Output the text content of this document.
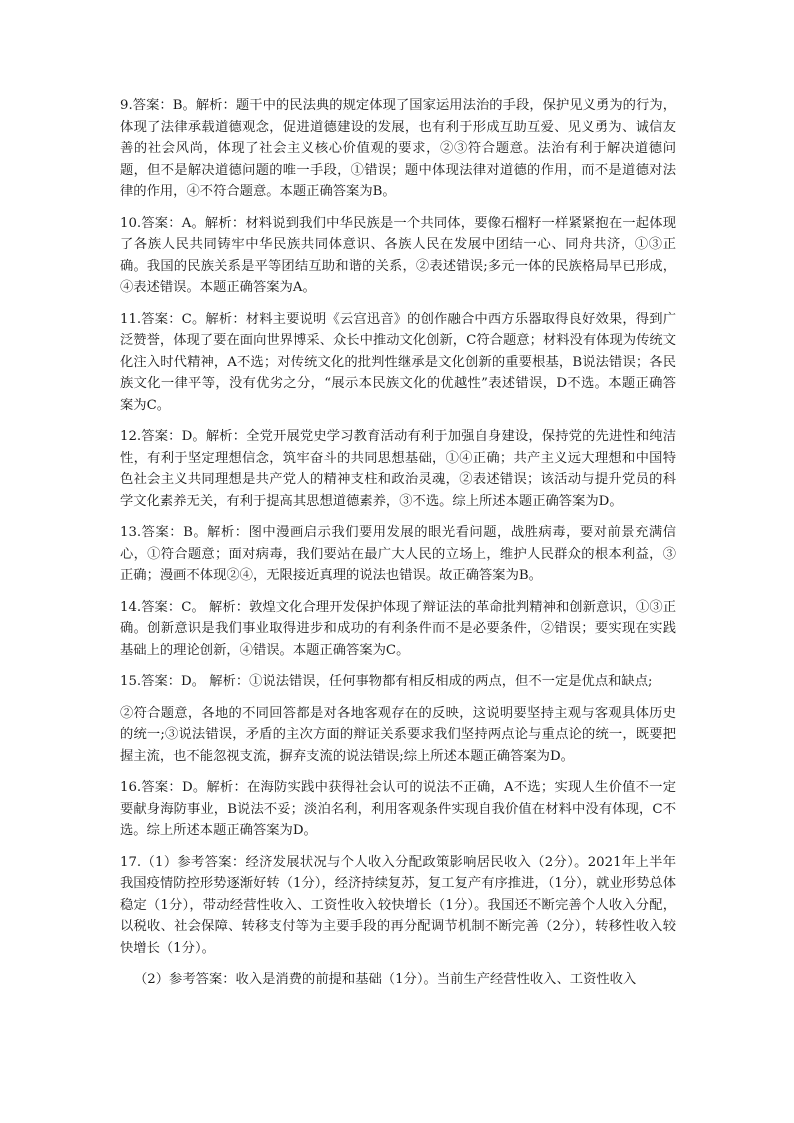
9.答案：B。解析：题干中的民法典的规定体现了国家运用法治的手段，保护见义勇为的行为，体现了法律承载道德观念，促进道德建设的发展，也有利于形成互助互爱、见义勇为、诚信友善的社会风尚，体现了社会主义核心价值观的要求，②③符合题意。法治有利于解决道德问题，但不是解决道德问题的唯一手段，①错误；题中体现法律对道德的作用，而不是道德对法律的作用，④不符合题意。本题正确答案为B。

10.答案：A。解析：材料说到我们中华民族是一个共同体，要像石榴籽一样紧紧抱在一起体现了各族人民共同铸牢中华民族共同体意识、各族人民在发展中团结一心、同舟共济，①③正确。我国的民族关系是平等团结互助和谐的关系，②表述错误;多元一体的民族格局早已形成，④表述错误。本题正确答案为A。

11.答案：C。解析：材料主要说明《云宫迅音》的创作融合中西方乐器取得良好效果，得到广泛赞誉，体现了要在面向世界博采、众长中推动文化创新，C符合题意；材料没有体现为传统文化注入时代精神，A不选；对传统文化的批判性继承是文化创新的重要根基，B说法错误；各民族文化一律平等，没有优劣之分，“展示本民族文化的优越性”表述错误，D不选。本题正确答案为C。

12.答案：D。解析：全党开展党史学习教育活动有利于加强自身建设，保持党的先进性和纯洁性，有利于坚定理想信念，筑牢奋斗的共同思想基础，①④正确；共产主义远大理想和中国特色社会主义共同理想是共产党人的精神支柱和政治灵魂，②表述错误；该活动与提升党员的科学文化素养无关，有利于提高其思想道德素养，③不选。综上所述本题正确答案为D。

13.答案：B。解析：图中漫画启示我们要用发展的眼光看问题，战胜病毒，要对前景充满信心，①符合题意；面对病毒，我们要站在最广大人民的立场上，维护人民群众的根本利益，③正确；漫画不体现②④，无限接近真理的说法也错误。故正确答案为B。

14.答案：C。 解析：敦煌文化合理开发保护体现了辩证法的革命批判精神和创新意识，①③正确。创新意识是我们事业取得进步和成功的有利条件而不是必要条件，②错误；要实现在实践基础上的理论创新，④错误。本题正确答案为C。

15.答案：D。 解析：①说法错误，任何事物都有相反相成的两点，但不一定是优点和缺点;

②符合题意，各地的不同回答都是对各地客观存在的反映，这说明要坚持主观与客观具体历史的统一;③说法错误，矛盾的主次方面的辩证关系要求我们坚持两点论与重点论的统一，既要把握主流，也不能忽视支流，摒弃支流的说法错误;综上所述本题正确答案为D。

16.答案：D。解析：在海防实践中获得社会认可的说法不正确，A不选；实现人生价值不一定要献身海防事业，B说法不妥；淡泊名利，利用客观条件实现自我价值在材料中没有体现，C不选。综上所述本题正确答案为D。

17.（1）参考答案：经济发展状况与个人收入分配政策影响居民收入（2分）。2021年上半年我国疫情防控形势逐渐好转（1分），经济持续复苏，复工复产有序推进，（1分），就业形势总体稳定（1分），带动经营性收入、工资性收入较快增长（1分）。我国还不断完善个人收入分配，以税收、社会保障、转移支付等为主要手段的再分配调节机制不断完善（2分），转移性收入较快增长（1分）。

（2）参考答案：收入是消费的前提和基础（1分）。当前生产经营性收入、工资性收入
